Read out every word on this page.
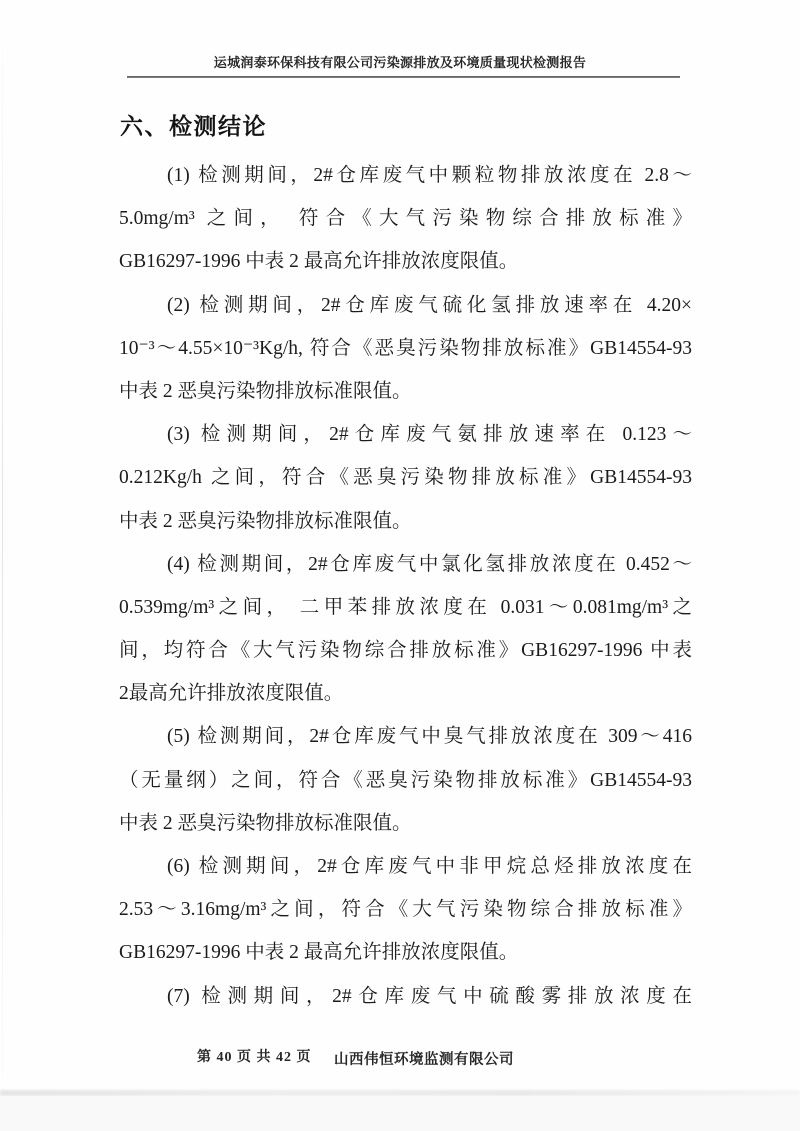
运城润泰环保科技有限公司污染源排放及环境质量现状检测报告
六、检测结论
(1) 检测期间，2#仓库废气中颗粒物排放浓度在 2.8～
5.0mg/m³ 之间， 符合《大气污染物综合排放标准》
GB16297-1996 中表 2 最高允许排放浓度限值。
(2) 检测期间，2#仓库废气硫化氢排放速率在 4.20×
10⁻³～4.55×10⁻³Kg/h, 符合《恶臭污染物排放标准》GB14554-93
中表 2 恶臭污染物排放标准限值。
(3) 检测期间，2#仓库废气氨排放速率在 0.123～
0.212Kg/h 之间，符合《恶臭污染物排放标准》GB14554-93
中表 2 恶臭污染物排放标准限值。
(4) 检测期间，2#仓库废气中氯化氢排放浓度在 0.452～
0.539mg/m³之间， 二甲苯排放浓度在 0.031～0.081mg/m³之
间，均符合《大气污染物综合排放标准》GB16297-1996 中表
2最高允许排放浓度限值。
(5) 检测期间，2#仓库废气中臭气排放浓度在 309～416
（无量纲）之间，符合《恶臭污染物排放标准》GB14554-93
中表 2 恶臭污染物排放标准限值。
(6) 检测期间，2#仓库废气中非甲烷总烃排放浓度在
2.53～3.16mg/m³之间，符合《大气污染物综合排放标准》
GB16297-1996 中表 2 最高允许排放浓度限值。
(7) 检测期间，2#仓库废气中硫酸雾排放浓度在
第 40 页 共 42 页 山西伟恒环境监测有限公司
